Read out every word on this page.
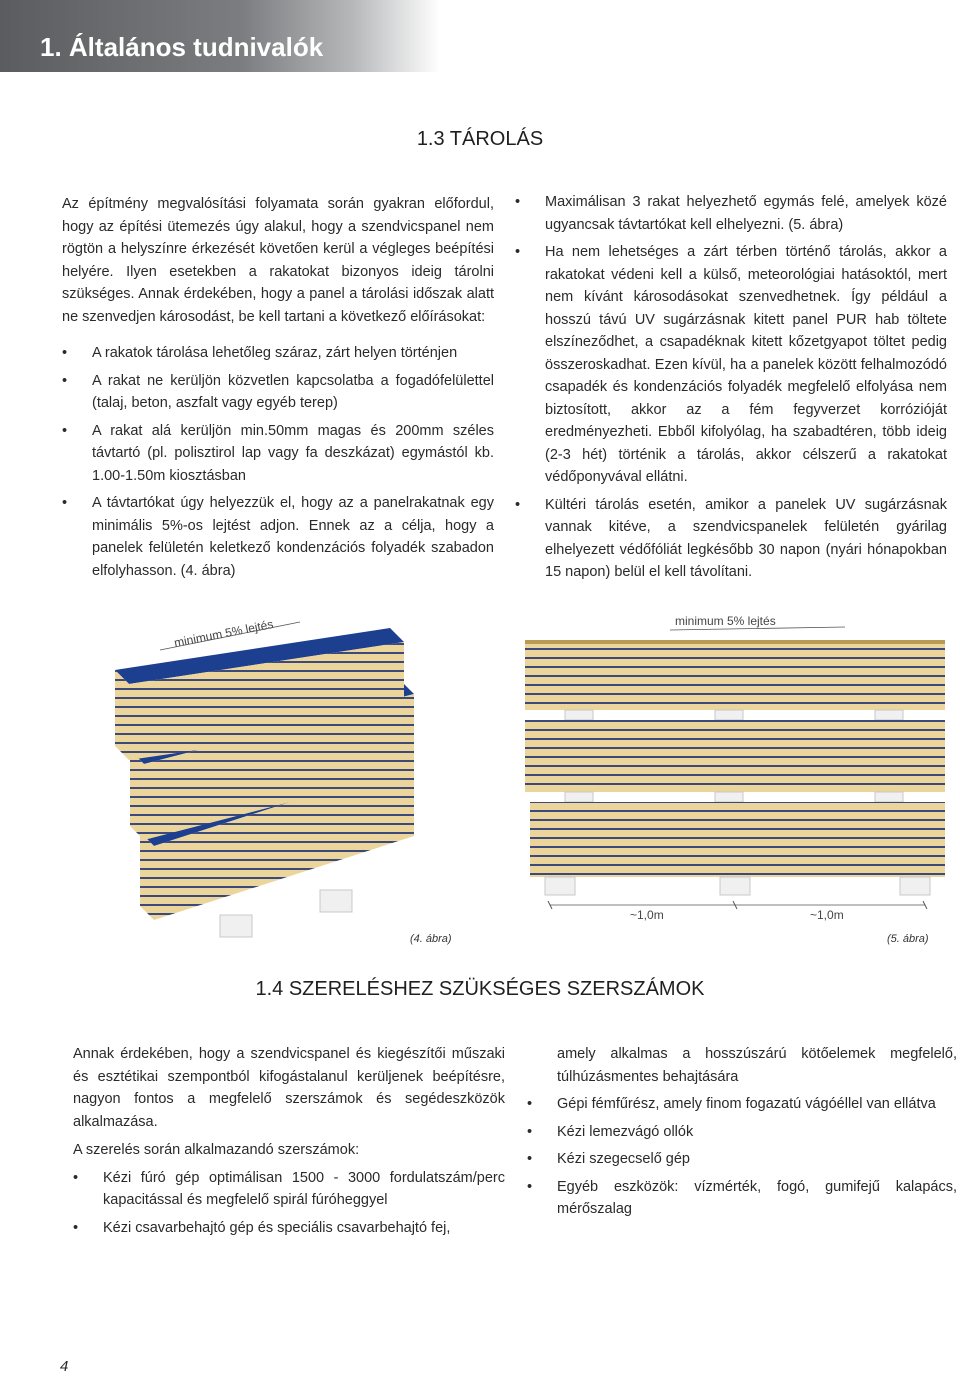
1. Általános tudnivalók
1.3 TÁROLÁS

Az építmény megvalósítási folyamata során gyakran előfordul, hogy az építési ütemezés úgy alakul, hogy a szendvicspanel nem rögtön a helyszínre érkezését követően kerül a végleges beépítési helyére. Ilyen esetekben a rakatokat bizonyos ideig tárolni szükséges. Annak érdekében, hogy a panel a tárolási időszak alatt ne szenvedjen károsodást, be kell tartani a következő előírásokat:

• A rakatok tárolása lehetőleg száraz, zárt helyen történjen
• A rakat ne kerüljön közvetlen kapcsolatba a fogadófelülettel (talaj, beton, aszfalt vagy egyéb terep)
• A rakat alá kerüljön min.50mm magas és 200mm széles távtartó (pl. polisztirol lap vagy fa deszkázat) egymástól kb. 1.00-1.50m kiosztásban
• A távtartókat úgy helyezzük el, hogy az a panelrakatnak egy minimális 5%-os lejtést adjon. Ennek az a célja, hogy a panelek felületén keletkező kondenzációs folyadék szabadon elfolyhasson. (4. ábra)
• Maximálisan 3 rakat helyezhető egymás felé, amelyek közé ugyancsak távtartókat kell elhelyezni. (5. ábra)
• Ha nem lehetséges a zárt térben történő tárolás, akkor a rakatokat védeni kell a külső, meteorológiai hatásoktól, mert nem kívánt károsodásokat szenvedhetnek. Így például a hosszú távú UV sugárzásnak kitett panel PUR hab töltete elszíneződhet, a csapadéknak kitett kőzetgyapot töltet pedig összeroskadhat. Ezen kívül, ha a panelek között felhalmozódó csapadék és kondenzációs folyadék megfelelő elfolyása nem biztosított, akkor az a fém fegyverzet korrózióját eredményezheti. Ebből kifolyólag, ha szabadtéren, több ideig (2-3 hét) történik a tárolás, akkor célszerű a rakatokat védőponyvával ellátni.
• Kültéri tárolás esetén, amikor a panelek UV sugárzásnak vannak kitéve, a szendvicspanelek felületén gyárilag elhelyezett védőfóliát legkésőbb 30 napon (nyári hónapokban 15 napon) belül el kell távolítani.
minimum 5% lejtés
(4. ábra)
minimum 5% lejtés
~1,0m	~1,0m
(5. ábra)
1.4 SZERELÉSHEZ SZÜKSÉGES SZERSZÁMOK

Annak érdekében, hogy a szendvicspanel és kiegészítői műszaki és esztétikai szempontból kifogástalanul kerüljenek beépítésre, nagyon fontos a megfelelő szerszámok és segédeszközök alkalmazása.

A szerelés során alkalmazandó szerszámok:

• Kézi fúró gép optimálisan 1500 - 3000 fordulatszám/perc kapacitással és megfelelő spirál fúróheggyel
• Kézi csavarbehajtó gép és speciális csavarbehajtó fej,

amely alkalmas a hosszúszárú kötőelemek megfelelő, túlhúzásmentes behajtására

• Gépi fémfűrész, amely finom fogazatú vágóéllel van ellátva
• Kézi lemezvágó ollók
• Kézi szegecselő gép
• Egyéb eszközök: vízmérték, fogó, gumifejű kalapács, mérőszalag
4
